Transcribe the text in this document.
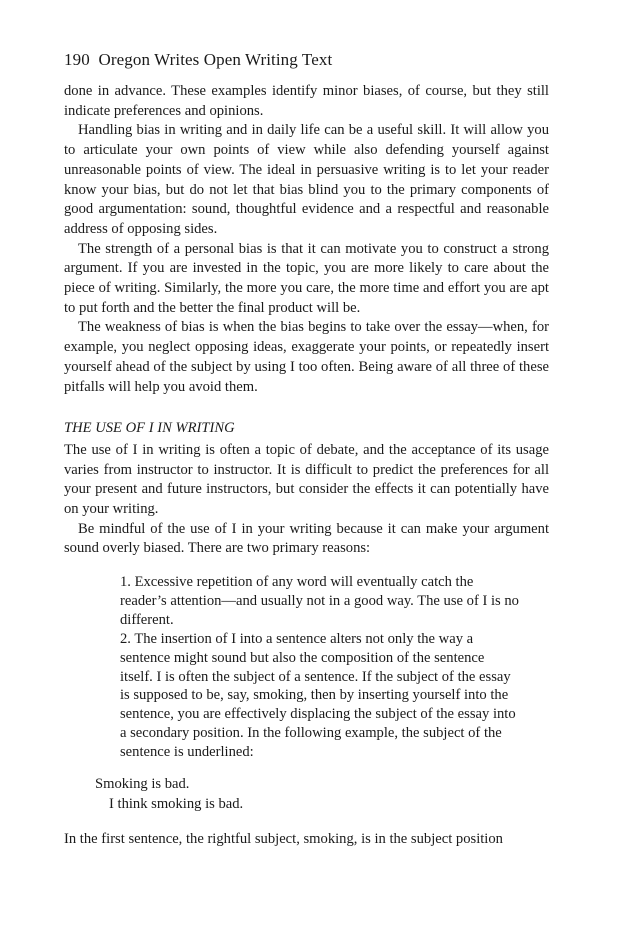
190 Oregon Writes Open Writing Text

done in advance. These examples identify minor biases, of course, but they still indicate preferences and opinions.

Handling bias in writing and in daily life can be a useful skill. It will allow you to articulate your own points of view while also defending yourself against unreasonable points of view. The ideal in persuasive writing is to let your reader know your bias, but do not let that bias blind you to the primary components of good argumentation: sound, thoughtful evidence and a respectful and reasonable address of opposing sides.

The strength of a personal bias is that it can motivate you to construct a strong argument. If you are invested in the topic, you are more likely to care about the piece of writing. Similarly, the more you care, the more time and effort you are apt to put forth and the better the final product will be.

The weakness of bias is when the bias begins to take over the essay—when, for example, you neglect opposing ideas, exaggerate your points, or repeatedly insert yourself ahead of the subject by using I too often. Being aware of all three of these pitfalls will help you avoid them.

THE USE OF I IN WRITING

The use of I in writing is often a topic of debate, and the acceptance of its usage varies from instructor to instructor. It is difficult to predict the preferences for all your present and future instructors, but consider the effects it can potentially have on your writing.

Be mindful of the use of I in your writing because it can make your argument sound overly biased. There are two primary reasons:

1. Excessive repetition of any word will eventually catch the reader’s attention—and usually not in a good way. The use of I is no different.

2. The insertion of I into a sentence alters not only the way a sentence might sound but also the composition of the sentence itself. I is often the subject of a sentence. If the subject of the essay is supposed to be, say, smoking, then by inserting yourself into the sentence, you are effectively displacing the subject of the essay into a secondary position. In the following example, the subject of the sentence is underlined:

Smoking is bad.

I think smoking is bad.

In the first sentence, the rightful subject, smoking, is in the subject position
